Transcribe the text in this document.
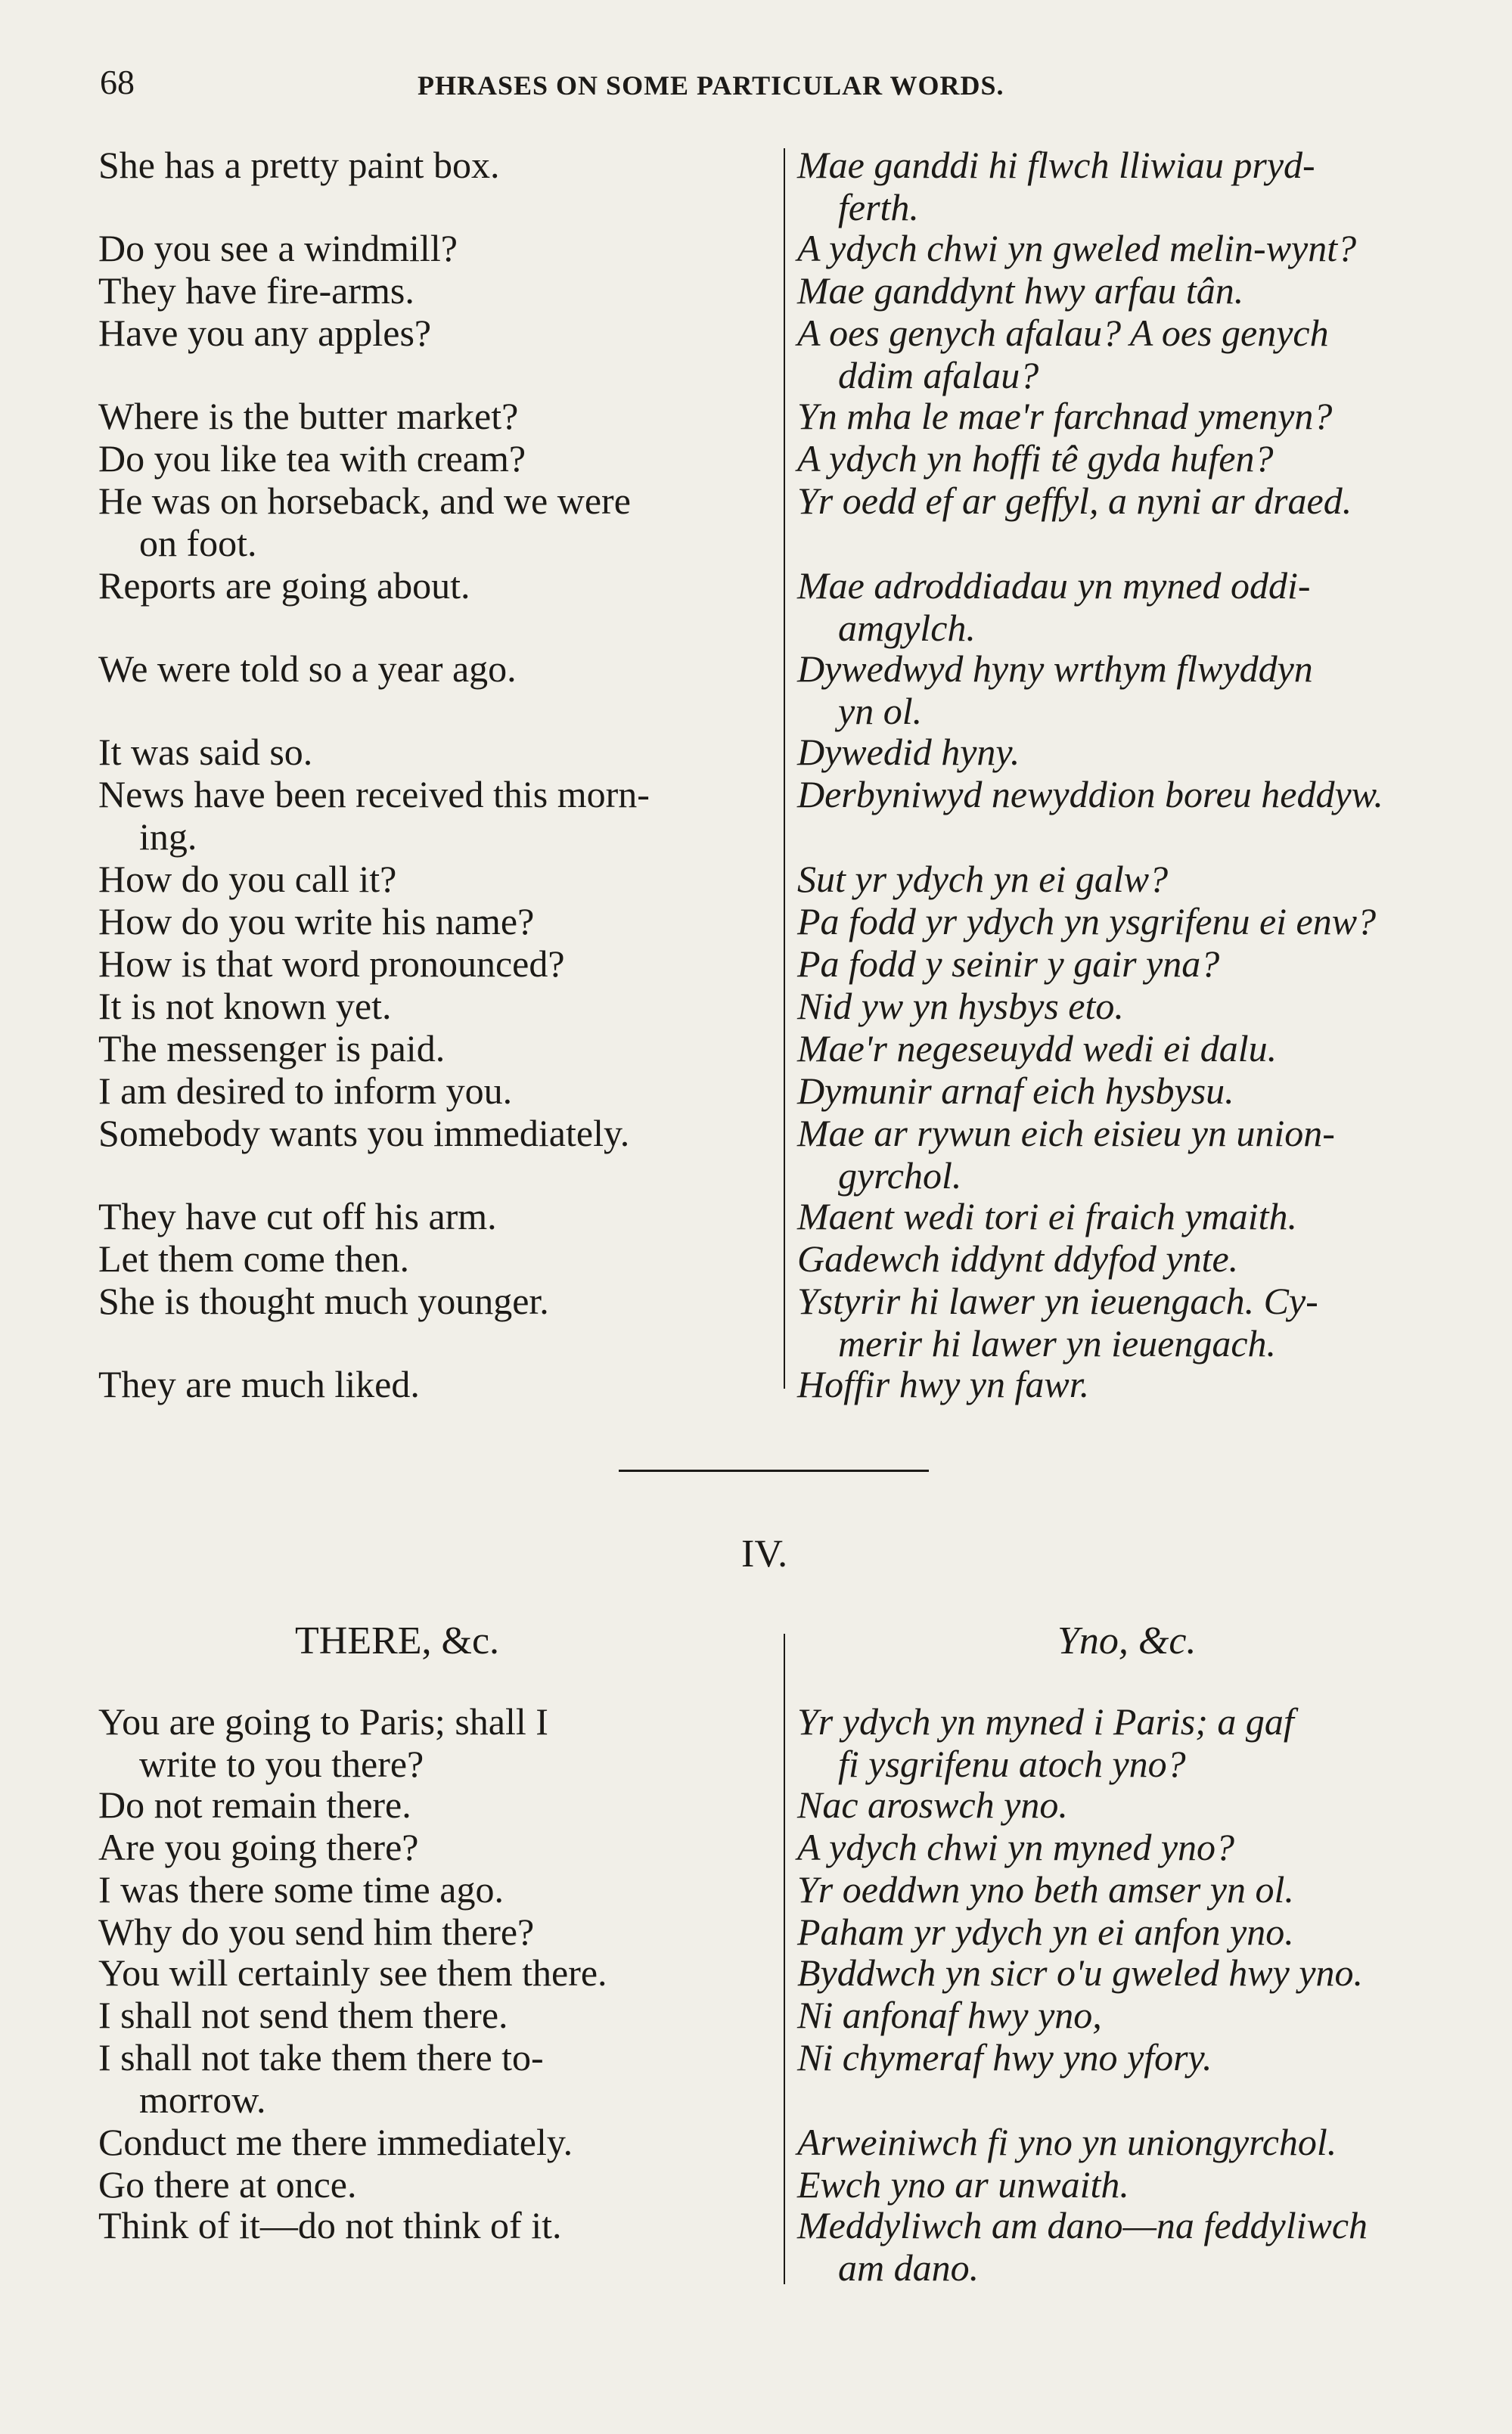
68	PHRASES ON SOME PARTICULAR WORDS.
She has a pretty paint box.
Do you see a windmill?
They have fire-arms.
Have you any apples?
Where is the butter market?
Do you like tea with cream?
He was on horseback, and we were
on foot.
Reports are going about.
We were told so a year ago.
It was said so.
News have been received this morn-
ing.
How do you call it?
How do you write his name?
How is that word pronounced?
It is not known yet.
The messenger is paid.
I am desired to inform you.
Somebody wants you immediately.
They have cut off his arm.
Let them come then.
She is thought much younger.
They are much liked.
Mae ganddi hi flwch lliwiau pryd-
ferth.
A ydych chwi yn gweled melin-wynt?
Mae ganddynt hwy arfau tân.
A oes genych afalau? A oes genych
ddim afalau?
Yn mha le mae'r farchnad ymenyn?
A ydych yn hoffi tê gyda hufen?
Yr oedd ef ar geffyl, a nyni ar draed.
Mae adroddiadau yn myned oddi-
amgylch.
Dywedwyd hyny wrthym flwyddyn
yn ol.
Dywedid hyny.
Derbyniwyd newyddion boreu heddyw.
Sut yr ydych yn ei galw?
Pa fodd yr ydych yn ysgrifenu ei enw?
Pa fodd y seinir y gair yna?
Nid yw yn hysbys eto.
Mae'r negeseuydd wedi ei dalu.
Dymunir arnaf eich hysbysu.
Mae ar rywun eich eisieu yn union-
gyrchol.
Maent wedi tori ei fraich ymaith.
Gadewch iddynt ddyfod ynte.
Ystyrir hi lawer yn ieuengach. Cy-
merir hi lawer yn ieuengach.
Hoffir hwy yn fawr.
IV.
THERE, &c.	Yno, &c.
You are going to Paris; shall I
write to you there?
Do not remain there.
Are you going there?
I was there some time ago.
Why do you send him there?
You will certainly see them there.
I shall not send them there.
I shall not take them there to-
morrow.
Conduct me there immediately.
Go there at once.
Think of it—do not think of it.
Yr ydych yn myned i Paris; a gaf
fi ysgrifenu atoch yno?
Nac aroswch yno.
A ydych chwi yn myned yno?
Yr oeddwn yno beth amser yn ol.
Paham yr ydych yn ei anfon yno.
Byddwch yn sicr o'u gweled hwy yno.
Ni anfonaf hwy yno,
Ni chymeraf hwy yno yfory.
Arweiniwch fi yno yn uniongyrchol.
Ewch yno ar unwaith.
Meddyliwch am dano—na feddyliwch
am dano.
